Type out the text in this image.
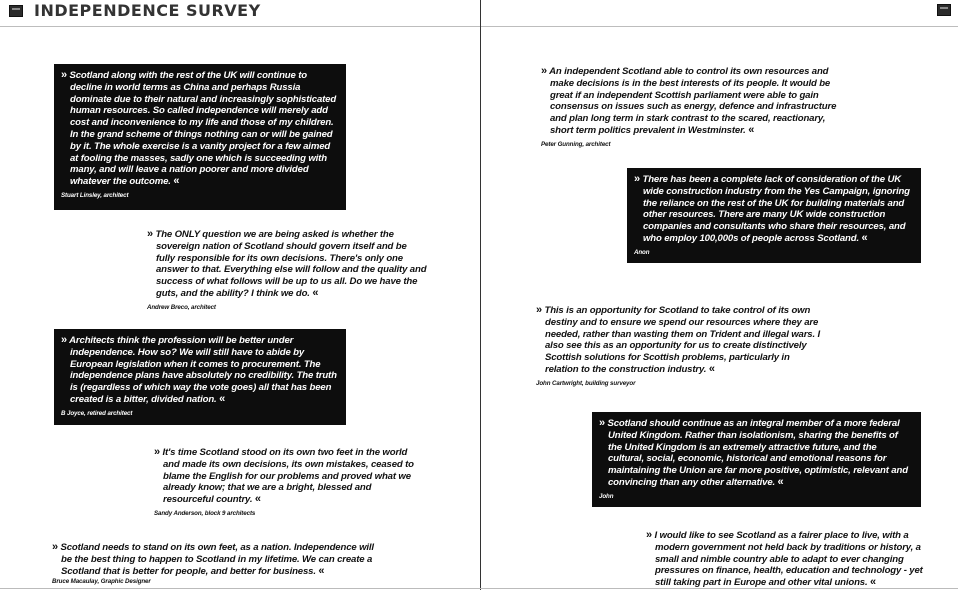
INDEPENDENCE SURVEY

» Scotland along with the rest of the UK will continue to decline in world terms as China and perhaps Russia dominate due to their natural and increasingly sophisticated human resources. So called independence will merely add cost and inconvenience to my life and those of my children. In the grand scheme of things nothing can or will be gained by it. The whole exercise is a vanity project for a few aimed at fooling the masses, sadly one which is succeeding with many, and will leave a nation poorer and more divided whatever the outcome. «

Stuart Linsley, architect

» The ONLY question we are being asked is whether the sovereign nation of Scotland should govern itself and be fully responsible for its own decisions. There's only one answer to that. Everything else will follow and the quality and success of what follows will be up to us all. Do we have the guts, and the ability? I think we do. «

Andrew Breco, architect

» Architects think the profession will be better under independence. How so? We will still have to abide by European legislation when it comes to procurement. The independence plans have absolutely no credibility. The truth is (regardless of which way the vote goes) all that has been created is a bitter, divided nation. «

B Joyce, retired architect

» It's time Scotland stood on its own two feet in the world and made its own decisions, its own mistakes, ceased to blame the English for our problems and proved what we already know; that we are a bright, blessed and resourceful country. «

Sandy Anderson, block 9 architects

» Scotland needs to stand on its own feet, as a nation. Independence will be the best thing to happen to Scotland in my lifetime. We can create a Scotland that is better for people, and better for business. «

Bruce Macaulay, Graphic Designer

» An independent Scotland able to control its own resources and make decisions is in the best interests of its people. It would be great if an independent Scottish parliament were able to gain consensus on issues such as energy, defence and infrastructure and plan long term in stark contrast to the scared, reactionary, short term politics prevalent in Westminster. «

Peter Gunning, architect

» There has been a complete lack of consideration of the UK wide construction industry from the Yes Campaign, ignoring the reliance on the rest of the UK for building materials and other resources. There are many UK wide construction companies and consultants who share their resources, and who employ 100,000s of people across Scotland. «

Anon

» This is an opportunity for Scotland to take control of its own destiny and to ensure we spend our resources where they are needed, rather than wasting them on Trident and illegal wars. I also see this as an opportunity for us to create distinctively Scottish solutions for Scottish problems, particularly in relation to the construction industry. «

John Cartwright, building surveyor

» Scotland should continue as an integral member of a more federal United Kingdom. Rather than isolationism, sharing the benefits of the United Kingdom is an extremely attractive future, and the cultural, social, economic, historical and emotional reasons for maintaining the Union are far more positive, optimistic, relevant and convincing than any other alternative. «

John

» I would like to see Scotland as a fairer place to live, with a modern government not held back by traditions or history, a small and nimble country able to adapt to ever changing pressures on finance, health, education and technology - yet still taking part in Europe and other vital unions. «
